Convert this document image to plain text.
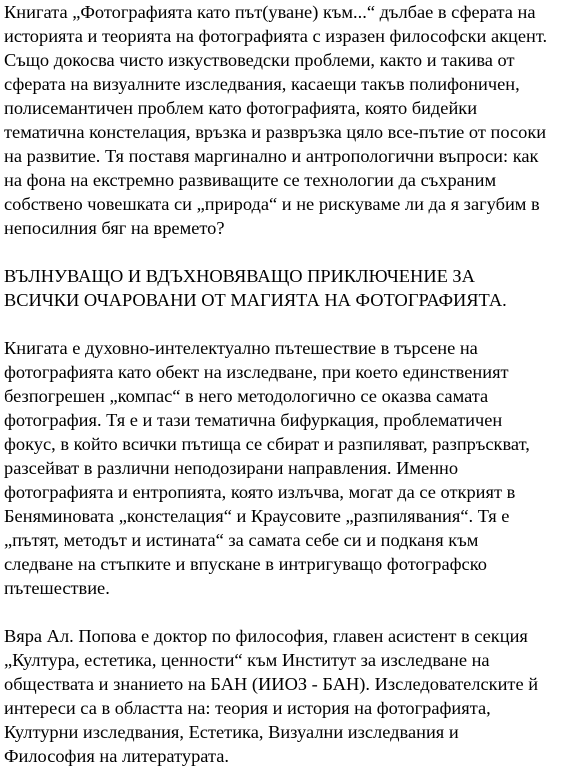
Книгата „Фотографията като път(уване) към...“ дълбае в сферата на
историята и теорията на фотографията с изразен философски акцент.
Също докосва чисто изкуствоведски проблеми, както и такива от
сферата на визуалните изследвания, касаещи такъв полифоничен,
полисемантичен проблем като фотографията, която бидейки
тематична констелация, връзка и развръзка цяло все-пътие от посоки
на развитие. Тя поставя маргинално и антропологични въпроси: как
на фона на екстремно развиващите се технологии да съхраним
собствено човешката си „природа“ и не рискуваме ли да я загубим в
непосилния бяг на времето?
ВЪЛНУВАЩО И ВДЪХНОВЯВАЩО ПРИКЛЮЧЕНИЕ ЗА
ВСИЧКИ ОЧАРОВАНИ ОТ МАГИЯТА НА ФОТОГРАФИЯТА.
Книгата е духовно-интелектуално пътешествие в търсене на
фотографията като обект на изследване, при което единственият
безпогрешен „компас“ в него методологично се оказва самата
фотография. Тя е и тази тематична бифуркация, проблематичен
фокус, в който всички пътища се сбират и разпиляват, разпръскват,
разсейват в различни неподозирани направления. Именно
фотографията и ентропията, която излъчва, могат да се открият в
Беняминовата „констелация“ и Краусовите „разпилявания“. Тя е
„пътят, методът и истината“ за самата себе си и подканя към
следване на стъпките и впускане в интригуващо фотографско
пътешествие.
Вяра Ал. Попова е доктор по философия, главен асистент в секция
„Култура, естетика, ценности“ към Институт за изследване на
обществата и знанието на БАН (ИИОЗ - БАН). Изследователските й
интереси са в областта на: теория и история на фотографията,
Културни изследвания, Естетика, Визуални изследвания и
Философия на литературата.
